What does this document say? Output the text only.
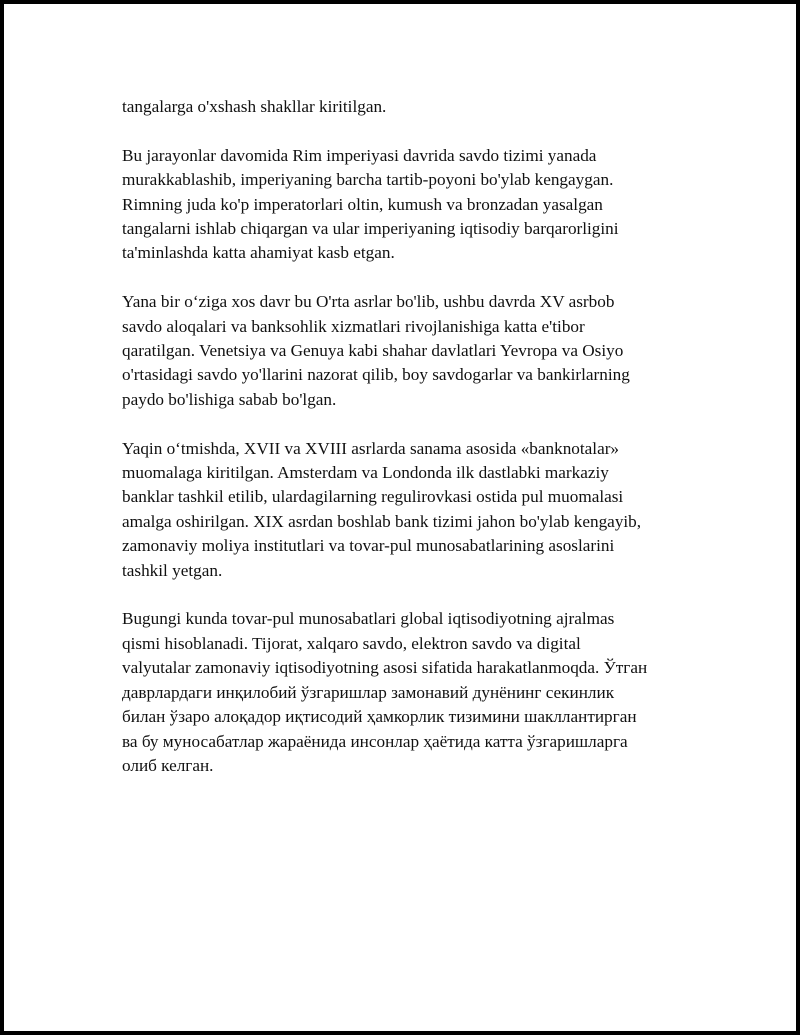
tangalarga o'xshash shakllar kiritilgan.

Bu jarayonlar davomida Rim imperiyasi davrida savdo tizimi yanada
murakkablashib, imperiyaning barcha tartib-poyoni bo'ylab kengaygan.
Rimning juda ko'p imperatorlari oltin, kumush va bronzadan yasalgan
tangalarni ishlab chiqargan va ular imperiyaning iqtisodiy barqarorligini
ta'minlashda katta ahamiyat kasb etgan.

Yana bir o‘ziga xos davr bu O'rta asrlar bo'lib, ushbu davrda XV asrbob
savdo aloqalari va banksohlik xizmatlari rivojlanishiga katta e'tibor
qaratilgan. Venetsiya va Genuya kabi shahar davlatlari Yevropa va Osiyo
o'rtasidagi savdo yo'llarini nazorat qilib, boy savdogarlar va bankirlarning
paydo bo'lishiga sabab bo'lgan.

Yaqin o‘tmishda, XVII va XVIII asrlarda sanama asosida «banknotalar»
muomalaga kiritilgan. Amsterdam va Londonda ilk dastlabki markaziy
banklar tashkil etilib, ulardagilarning regulirovkasi ostida pul muomalasi
amalga oshirilgan. XIX asrdan boshlab bank tizimi jahon bo'ylab kengayib,
zamonaviy moliya institutlari va tovar-pul munosabatlarining asoslarini
tashkil yetgan.

Bugungi kunda tovar-pul munosabatlari global iqtisodiyotning ajralmas
qismi hisoblanadi. Tijorat, xalqaro savdo, elektron savdo va digital
valyutalar zamonaviy iqtisodiyotning asosi sifatida harakatlanmoqda. Ўтган
даврлардаги инқилобий ўзгаришлар замонавий дунёнинг секинлик
билан ўзаро алоқадор иқтисодий ҳамкорлик тизимини шакллантирган
ва бу муносабатлар жараёнида инсонлар ҳаётида катта ўзгаришларга
олиб келган.
